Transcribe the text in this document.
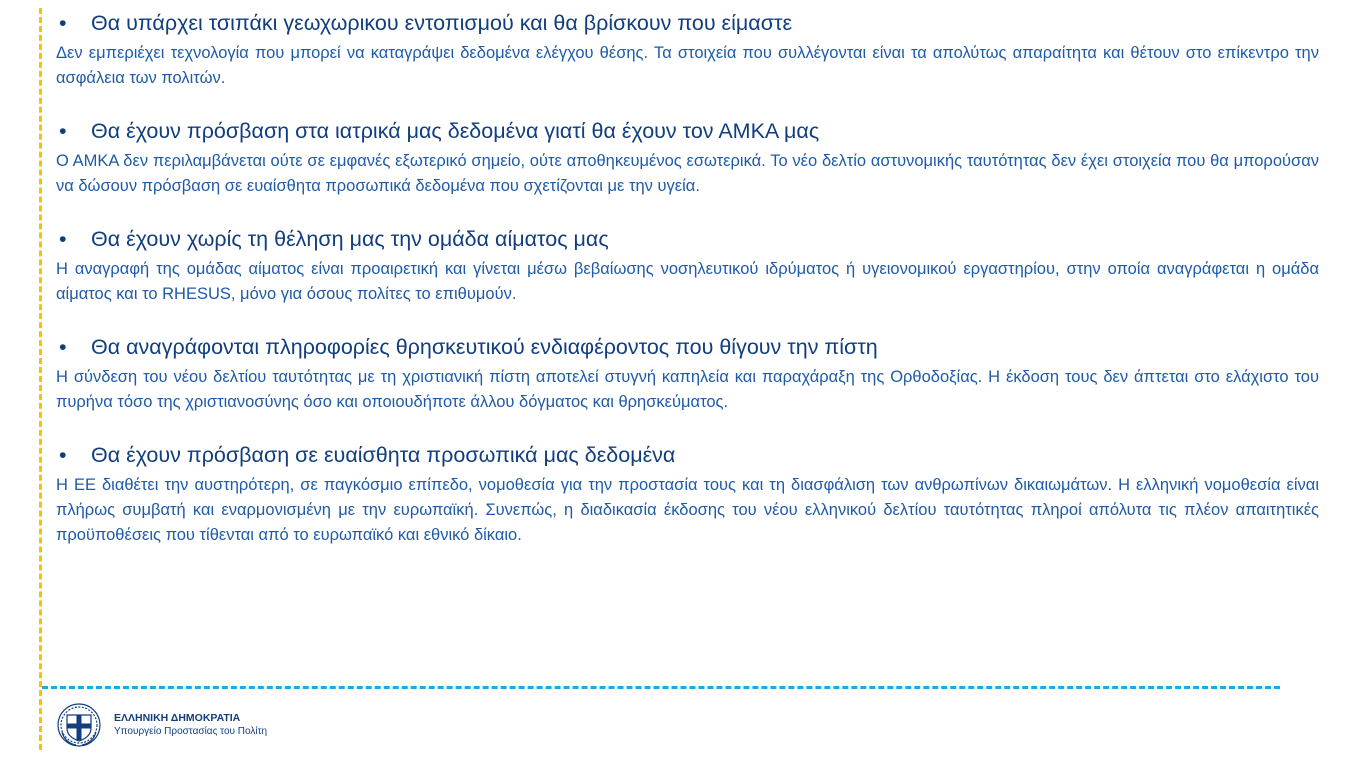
•	Θα υπάρχει τσιπάκι γεωχωρικου εντοπισμού και θα βρίσκουν που είμαστε

Δεν εμπεριέχει τεχνολογία που μπορεί να καταγράψει δεδομένα ελέγχου θέσης. Τα στοιχεία που συλλέγονται είναι τα απολύτως απαραίτητα και θέτουν στο επίκεντρο την ασφάλεια των πολιτών.

•	Θα έχουν πρόσβαση στα ιατρικά μας δεδομένα γιατί θα έχουν τον ΑΜΚΑ μας

Ο ΑΜΚΑ δεν περιλαμβάνεται ούτε σε εμφανές εξωτερικό σημείο, ούτε αποθηκευμένος εσωτερικά. Το νέο δελτίο αστυνομικής ταυτότητας δεν έχει στοιχεία που θα μπορούσαν να δώσουν πρόσβαση σε ευαίσθητα προσωπικά δεδομένα που σχετίζονται με την υγεία.

•	Θα έχουν χωρίς τη θέληση μας την ομάδα αίματος μας

Η αναγραφή της ομάδας αίματος είναι προαιρετική και γίνεται μέσω βεβαίωσης νοσηλευτικού ιδρύματος ή υγειονομικού εργαστηρίου, στην οποία αναγράφεται η ομάδα αίματος και το RHESUS, μόνο για όσους πολίτες το επιθυμούν.

•	Θα αναγράφονται πληροφορίες θρησκευτικού ενδιαφέροντος που θίγουν την πίστη

Η σύνδεση του νέου δελτίου ταυτότητας με τη χριστιανική πίστη αποτελεί στυγνή καπηλεία και παραχάραξη της Ορθοδοξίας. Η έκδοση τους δεν άπτεται στο ελάχιστο του πυρήνα τόσο της χριστιανοσύνης όσο και οποιουδήποτε άλλου δόγματος και θρησκεύματος.

•	Θα έχουν πρόσβαση σε ευαίσθητα προσωπικά μας δεδομένα

Η ΕΕ διαθέτει την αυστηρότερη, σε παγκόσμιο επίπεδο, νομοθεσία για την προστασία τους και τη διασφάλιση των ανθρωπίνων δικαιωμάτων. Η ελληνική νομοθεσία είναι πλήρως συμβατή και εναρμονισμένη με την ευρωπαϊκή. Συνεπώς, η διαδικασία έκδοσης του νέου ελληνικού δελτίου ταυτότητας πληροί απόλυτα τις πλέον απαιτητικές προϋποθέσεις που τίθενται από το ευρωπαϊκό και εθνικό δίκαιο.

ΕΛΛΗΝΙΚΗ ΔΗΜΟΚΡΑΤΙΑ
Υπουργείο Προστασίας του Πολίτη
